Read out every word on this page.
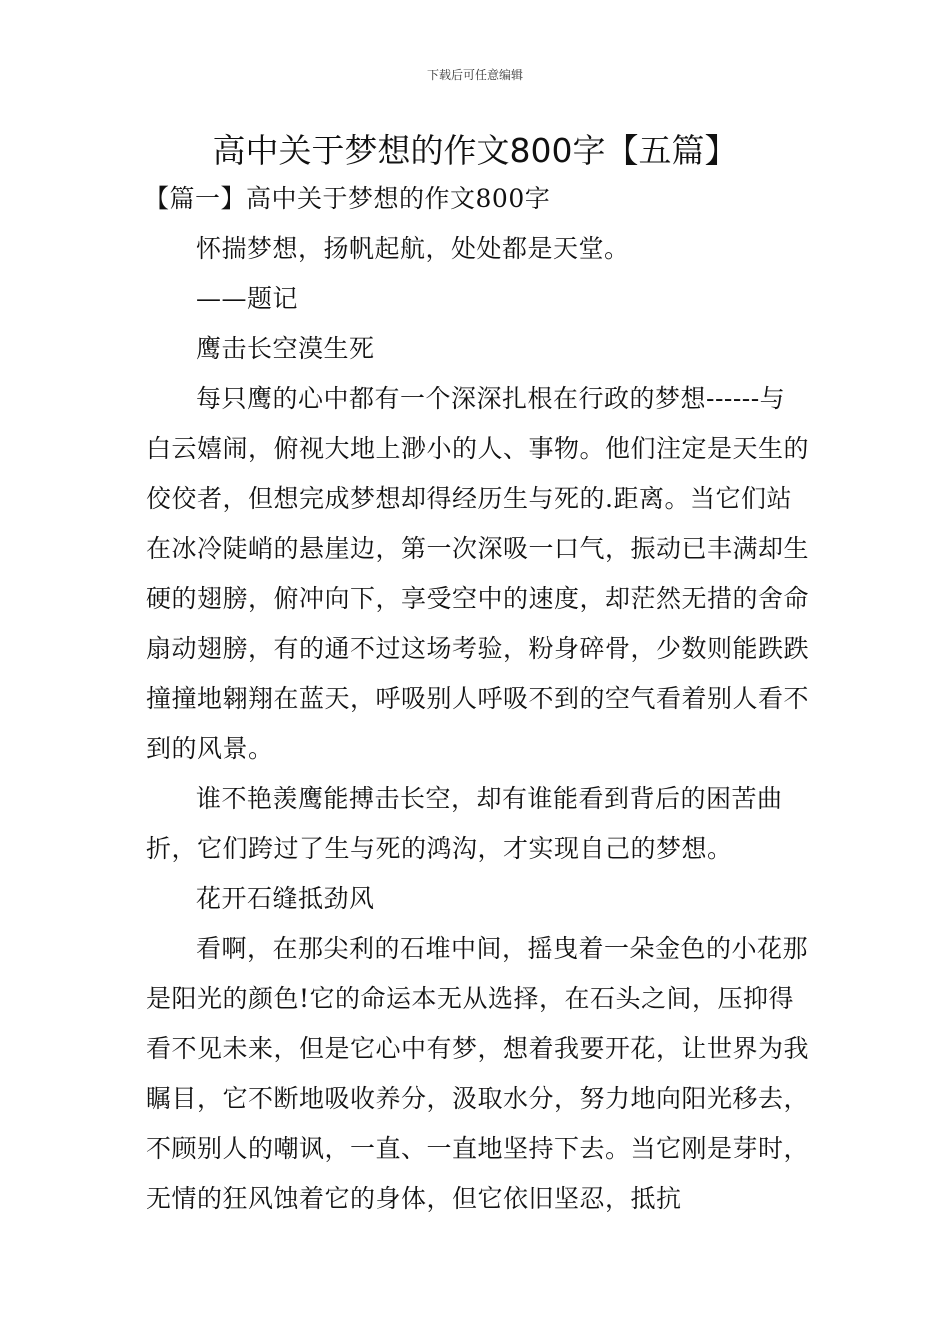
下载后可任意编辑
高中关于梦想的作文800字【五篇】

【篇一】高中关于梦想的作文800字

怀揣梦想，扬帆起航，处处都是天堂。

——题记

鹰击长空漠生死

每只鹰的心中都有一个深深扎根在行政的梦想------与白云嬉闹，俯视大地上渺小的人、事物。他们注定是天生的佼佼者，但想完成梦想却得经历生与死的.距离。当它们站在冰冷陡峭的悬崖边，第一次深吸一口气，振动已丰满却生硬的翅膀，俯冲向下，享受空中的速度，却茫然无措的舍命扇动翅膀，有的通不过这场考验，粉身碎骨，少数则能跌跌撞撞地翱翔在蓝天，呼吸别人呼吸不到的空气看着别人看不到的风景。

谁不艳羡鹰能搏击长空，却有谁能看到背后的困苦曲折，它们跨过了生与死的鸿沟，才实现自己的梦想。

花开石缝抵劲风

看啊，在那尖利的石堆中间，摇曳着一朵金色的小花那是阳光的颜色!它的命运本无从选择，在石头之间，压抑得看不见未来，但是它心中有梦，想着我要开花，让世界为我瞩目，它不断地吸收养分，汲取水分，努力地向阳光移去，不顾别人的嘲讽，一直、一直地坚持下去。当它刚是芽时，无情的狂风蚀着它的身体，但它依旧坚忍，抵抗
